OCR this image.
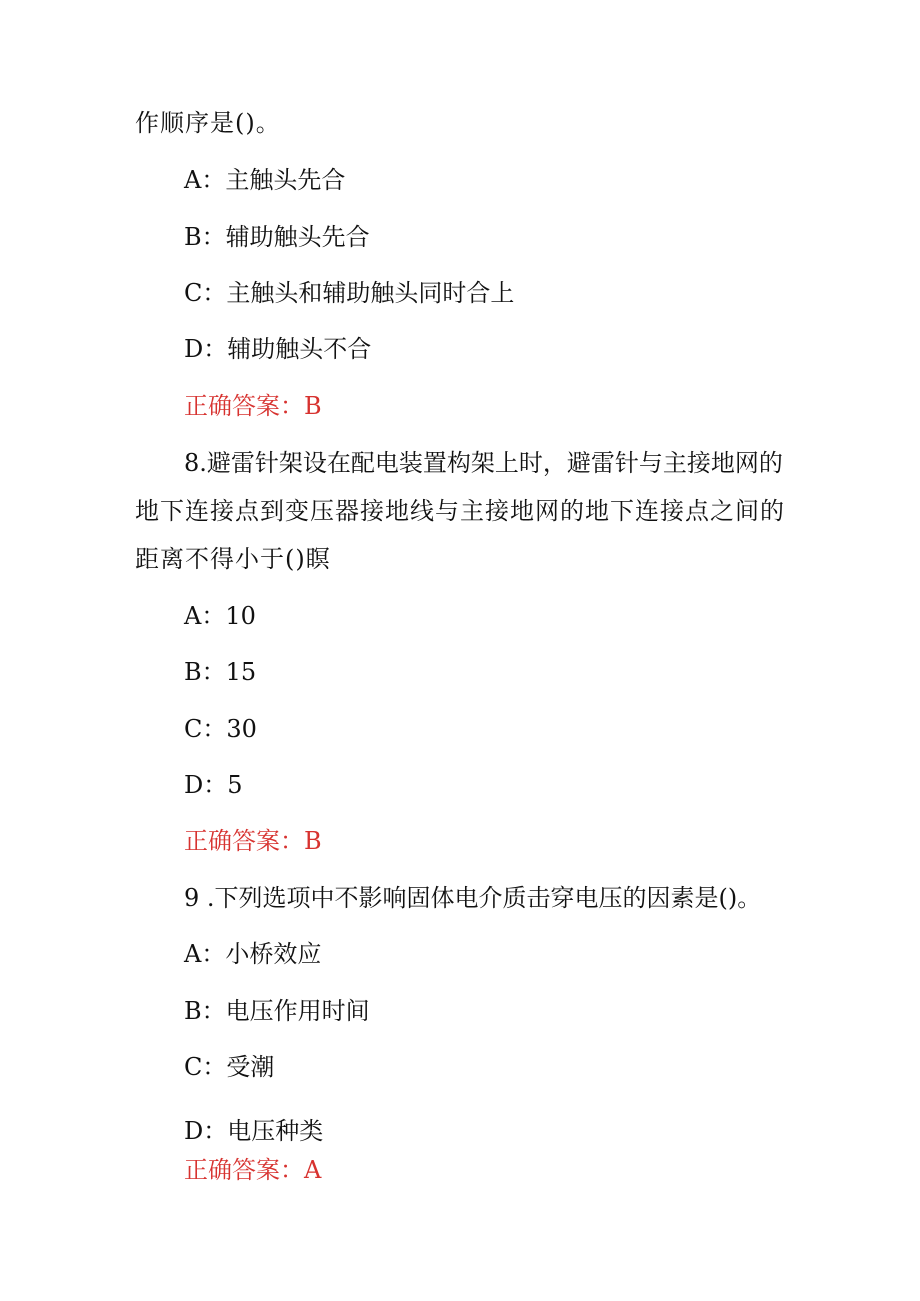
作顺序是()。
A：主触头先合
B：辅助触头先合
C：主触头和辅助触头同时合上
D：辅助触头不合
正确答案：B
8.避雷针架设在配电装置构架上时，避雷针与主接地网的
地下连接点到变压器接地线与主接地网的地下连接点之间的
距离不得小于()瞑
A：10
B：15
C：30
D：5
正确答案：B
9 .下列选项中不影响固体电介质击穿电压的因素是()。
A：小桥效应
B：电压作用时间
C：受潮
D：电压种类
正确答案：A
